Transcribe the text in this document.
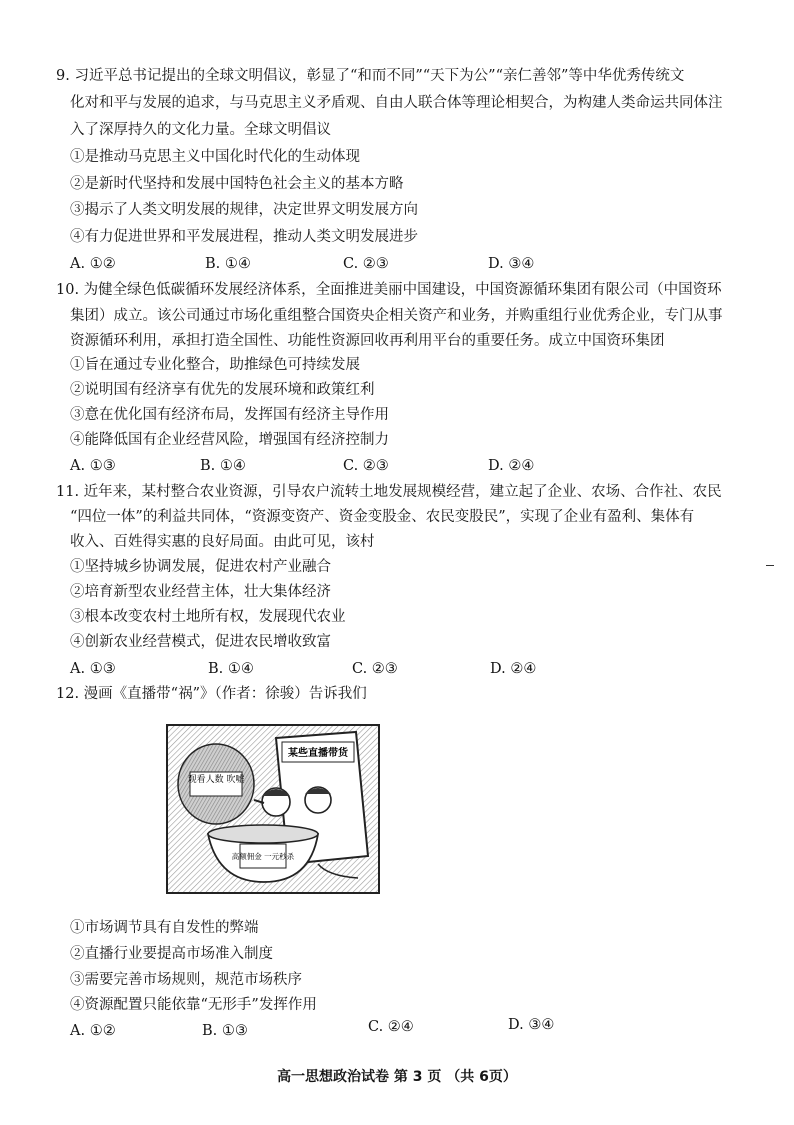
9. 习近平总书记提出的全球文明倡议，彰显了“和而不同”“天下为公”“亲仁善邻”等中华优秀传统文
化对和平与发展的追求，与马克思主义矛盾观、自由人联合体等理论相契合，为构建人类命运共同体注
入了深厚持久的文化力量。全球文明倡议
①是推动马克思主义中国化时代化的生动体现
②是新时代坚持和发展中国特色社会主义的基本方略
③揭示了人类文明发展的规律，决定世界文明发展方向
④有力促进世界和平发展进程，推动人类文明发展进步
A. ①②	B. ①④	C. ②③	D. ③④
10. 为健全绿色低碳循环发展经济体系，全面推进美丽中国建设，中国资源循环集团有限公司（中国资环
集团）成立。该公司通过市场化重组整合国资央企相关资产和业务，并购重组行业优秀企业，专门从事
资源循环利用，承担打造全国性、功能性资源回收再利用平台的重要任务。成立中国资环集团
①旨在通过专业化整合，助推绿色可持续发展
②说明国有经济享有优先的发展环境和政策红利
③意在优化国有经济布局，发挥国有经济主导作用
④能降低国有企业经营风险，增强国有经济控制力
A. ①③	B. ①④	C. ②③	D. ②④
11. 近年来，某村整合农业资源，引导农户流转土地发展规模经营，建立起了企业、农场、合作社、农民
“四位一体”的利益共同体，“资源变资产、资金变股金、农民变股民”，实现了企业有盈利、集体有
收入、百姓得实惠的良好局面。由此可见，该村
①坚持城乡协调发展，促进农村产业融合
②培育新型农业经营主体，壮大集体经济
③根本改变农村土地所有权，发展现代农业
④创新农业经营模式，促进农民增收致富
A. ①③	B. ①④	C. ②③	D. ②④
12. 漫画《直播带“祸”》（作者：徐骏）告诉我们
观看人数 吹嘘
某些直播带货
高额佣金 一元秒杀
①市场调节具有自发性的弊端
②直播行业要提高市场准入制度
③需要完善市场规则，规范市场秩序
④资源配置只能依靠“无形手”发挥作用
A. ①②	B. ①③	C. ②④	D. ③④
高一思想政治试卷 第 3 页 （共 6页）
